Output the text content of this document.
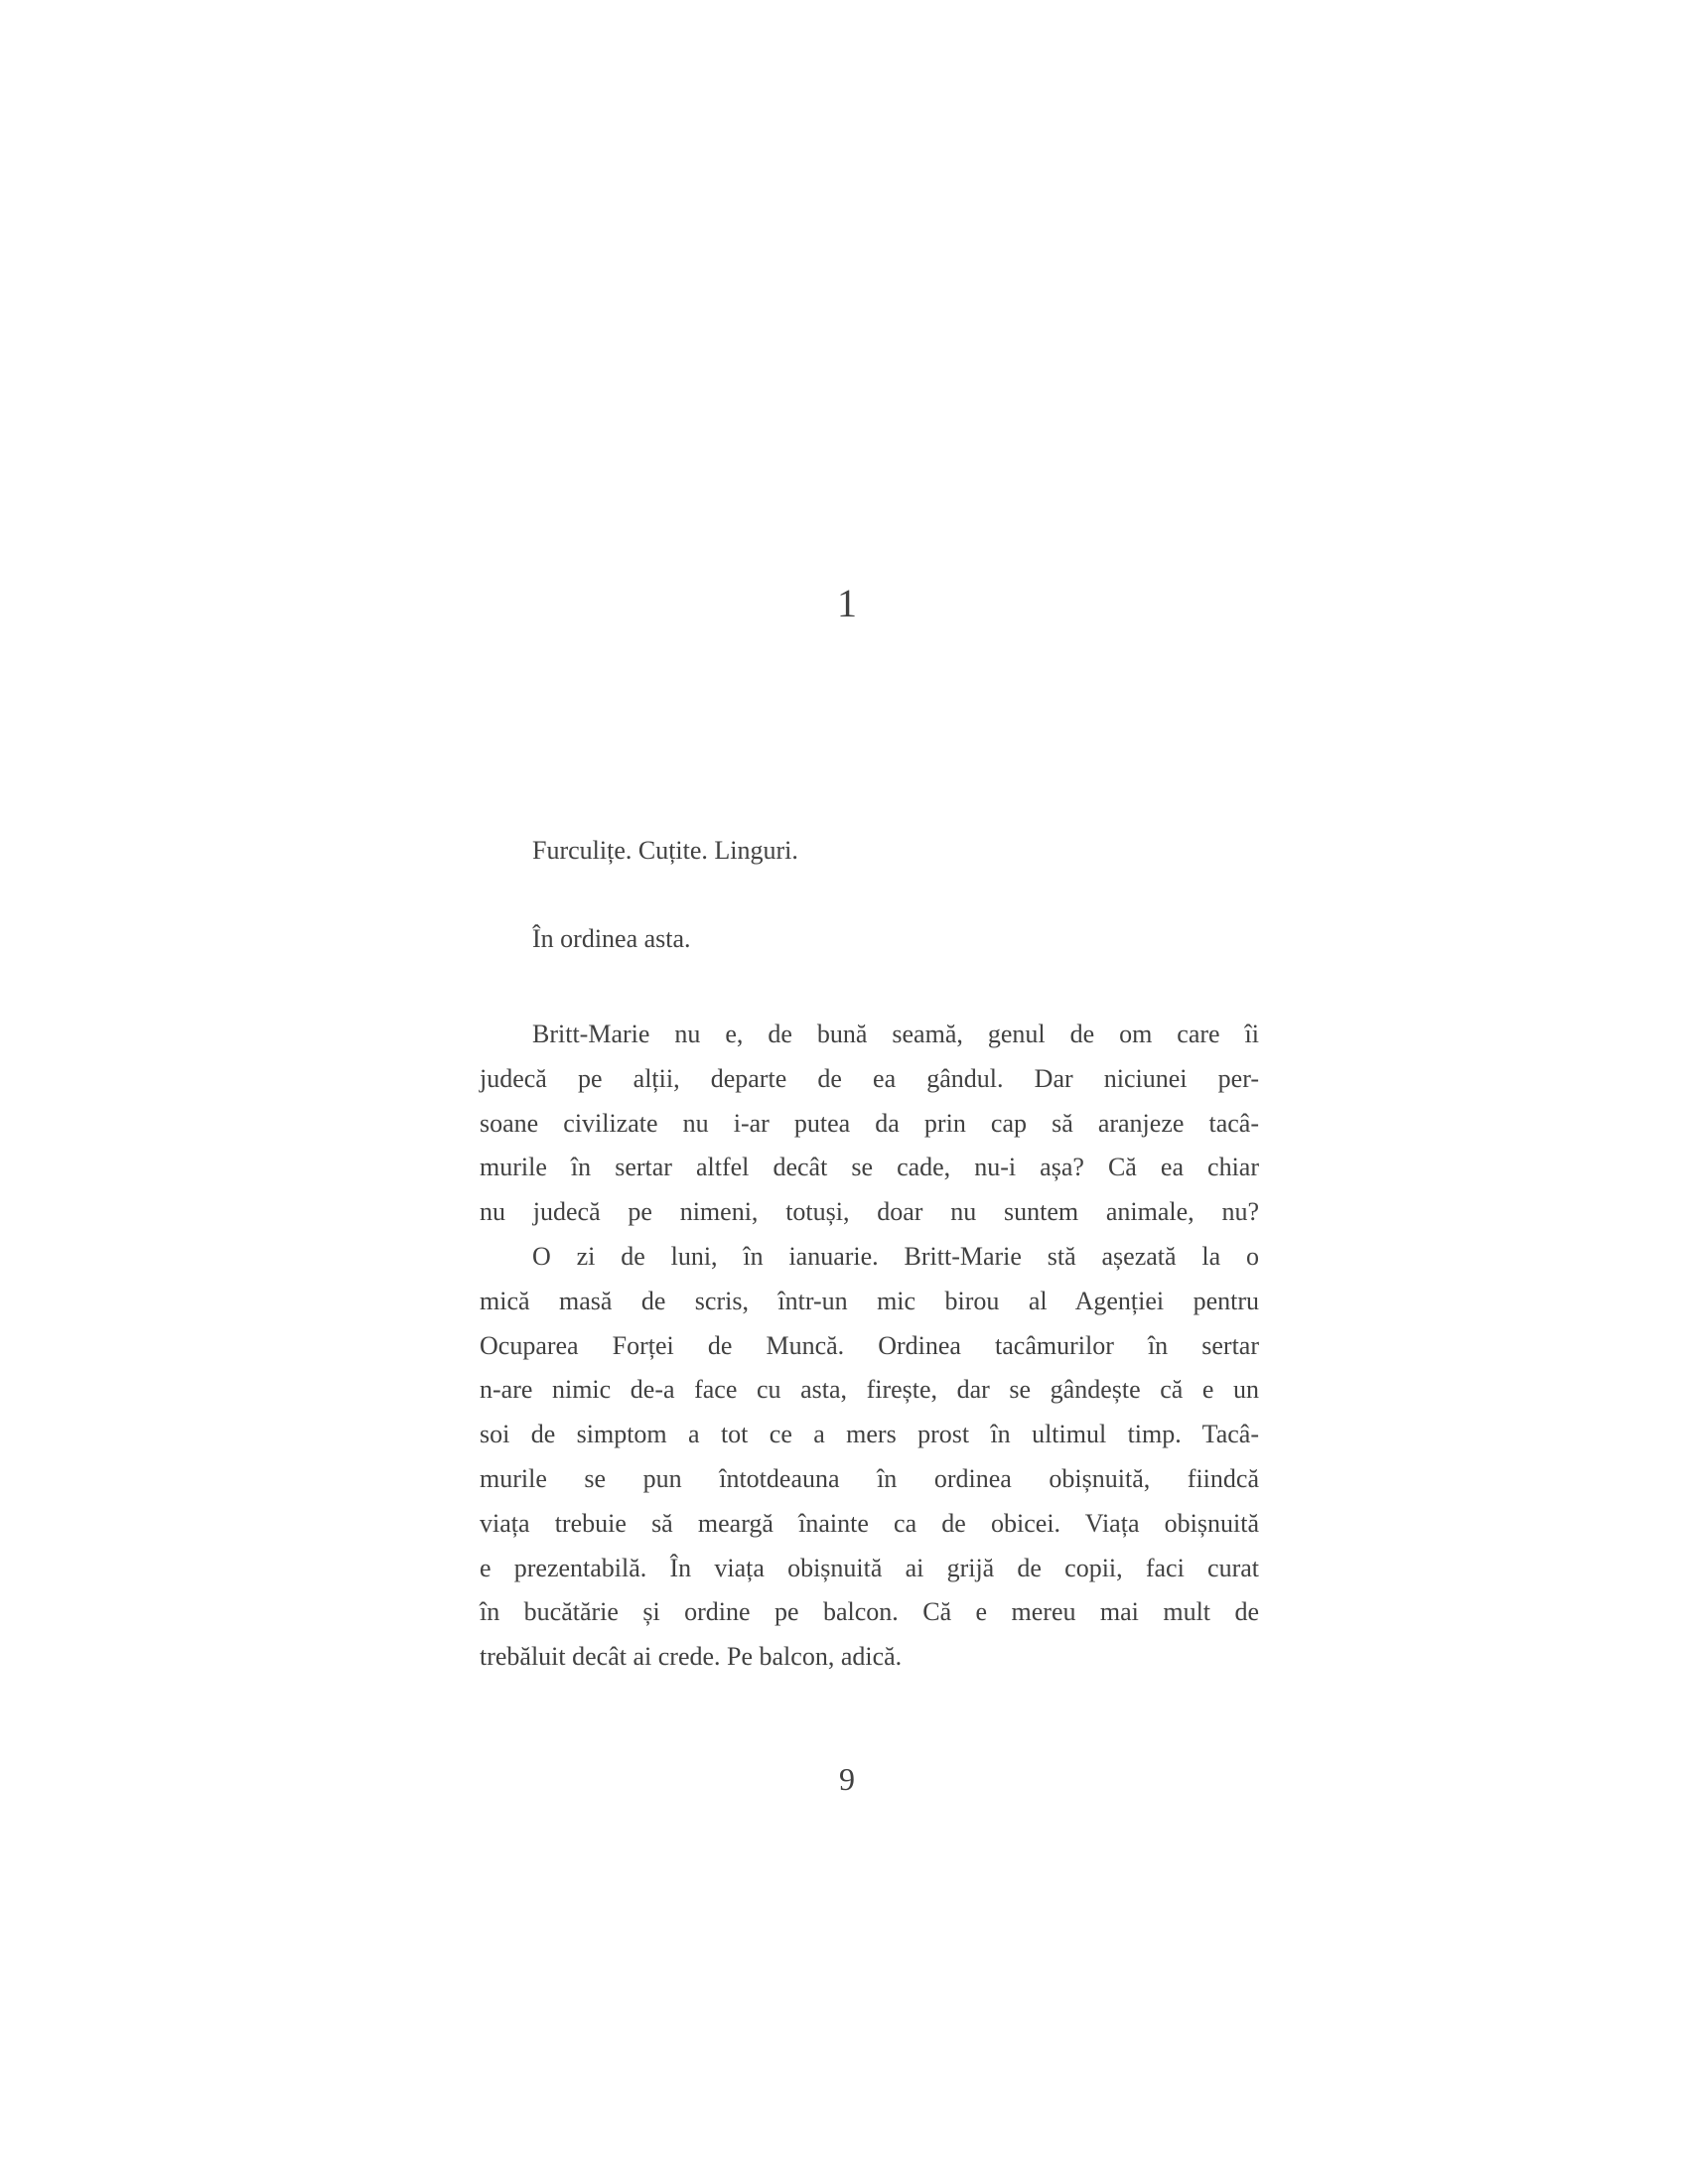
1
Furculițe. Cuțite. Linguri.
În ordinea asta.
Britt-Marie nu e, de bună seamă, genul de om care îi
judecă pe alții, departe de ea gândul. Dar niciunei per-
soane civilizate nu i-ar putea da prin cap să aranjeze tacâ-
murile în sertar altfel decât se cade, nu-i așa? Că ea chiar
nu judecă pe nimeni, totuși, doar nu suntem animale, nu?
O zi de luni, în ianuarie. Britt-Marie stă așezată la o
mică masă de scris, într-un mic birou al Agenției pentru
Ocuparea Forței de Muncă. Ordinea tacâmurilor în sertar
n-are nimic de-a face cu asta, firește, dar se gândește că e un
soi de simptom a tot ce a mers prost în ultimul timp. Tacâ-
murile se pun întotdeauna în ordinea obișnuită, fiindcă
viața trebuie să meargă înainte ca de obicei. Viața obișnuită
e prezentabilă. În viața obișnuită ai grijă de copii, faci curat
în bucătărie și ordine pe balcon. Că e mereu mai mult de
trebăluit decât ai crede. Pe balcon, adică.
9
